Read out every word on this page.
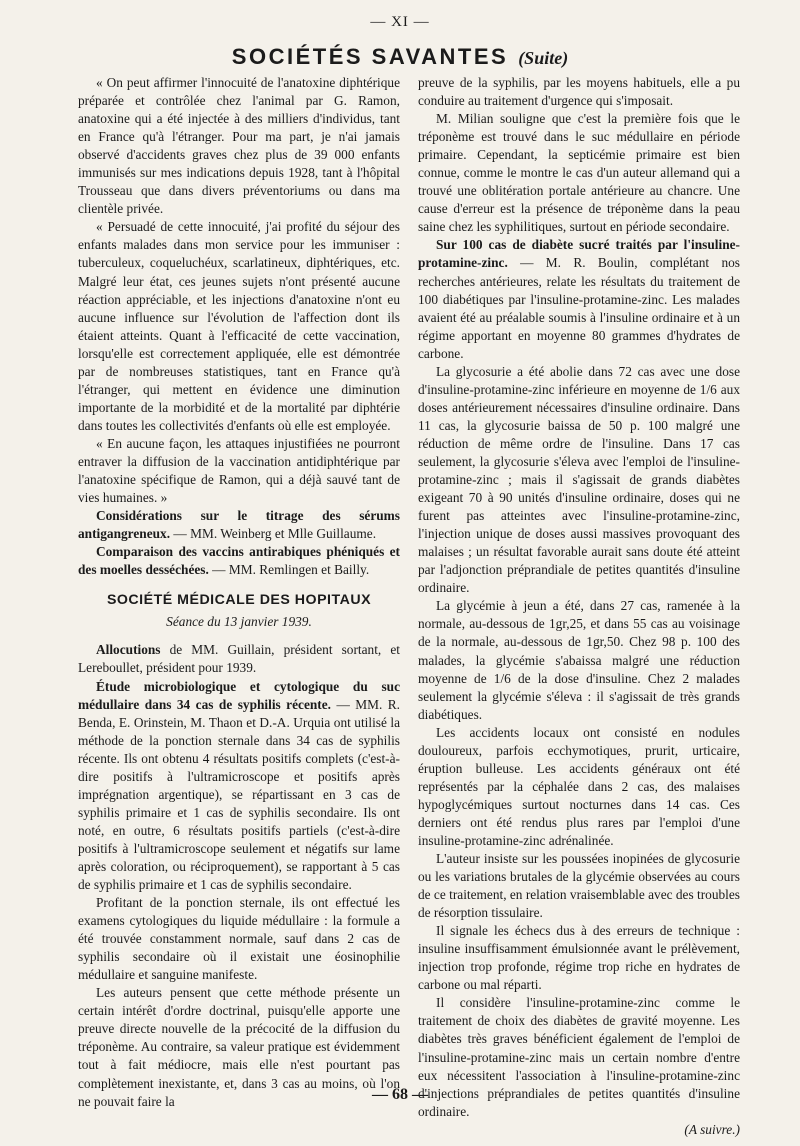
— XI —
SOCIÉTÉS SAVANTES (Suite)

« On peut affirmer l'innocuité de l'anatoxine diphtérique préparée et contrôlée chez l'animal par G. Ramon, anatoxine qui a été injectée à des milliers d'individus, tant en France qu'à l'étranger. Pour ma part, je n'ai jamais observé d'accidents graves chez plus de 39 000 enfants immunisés sur mes indications depuis 1928, tant à l'hôpital Trousseau que dans divers préventoriums ou dans ma clientèle privée.

« Persuadé de cette innocuité, j'ai profité du séjour des enfants malades dans mon service pour les immuniser : tuberculeux, coqueluchéux, scarlatineux, diphtériques, etc. Malgré leur état, ces jeunes sujets n'ont présenté aucune réaction appréciable, et les injections d'anatoxine n'ont eu aucune influence sur l'évolution de l'affection dont ils étaient atteints. Quant à l'efficacité de cette vaccination, lorsqu'elle est correctement appliquée, elle est démontrée par de nombreuses statistiques, tant en France qu'à l'étranger, qui mettent en évidence une diminution importante de la morbidité et de la mortalité par diphtérie dans toutes les collectivités d'enfants où elle est employée.

« En aucune façon, les attaques injustifiées ne pourront entraver la diffusion de la vaccination antidiphtérique par l'anatoxine spécifique de Ramon, qui a déjà sauvé tant de vies humaines. »

Considérations sur le titrage des sérums antigangreneux. — MM. Weinberg et Mlle Guillaume.

Comparaison des vaccins antirabiques phéniqués et des moelles desséchées. — MM. Remlingen et Bailly.

SOCIÉTÉ MÉDICALE DES HOPITAUX
Séance du 13 janvier 1939.

Allocutions de MM. Guillain, président sortant, et Lereboullet, président pour 1939.

Étude microbiologique et cytologique du suc médullaire dans 34 cas de syphilis récente. — MM. R. Benda, E. Orinstein, M. Thaon et D.-A. Urquia ont utilisé la méthode de la ponction sternale dans 34 cas de syphilis récente. Ils ont obtenu 4 résultats positifs complets (c'est-à-dire positifs à l'ultramicroscope et positifs après imprégnation argentique), se répartissant en 3 cas de syphilis primaire et 1 cas de syphilis secondaire. Ils ont noté, en outre, 6 résultats positifs partiels (c'est-à-dire positifs à l'ultramicroscope seulement et négatifs sur lame après coloration, ou réciproquement), se rapportant à 5 cas de syphilis primaire et 1 cas de syphilis secondaire.

Profitant de la ponction sternale, ils ont effectué les examens cytologiques du liquide médullaire : la formule a été trouvée constamment normale, sauf dans 2 cas de syphilis secondaire où il existait une éosinophilie médullaire et sanguine manifeste.

Les auteurs pensent que cette méthode présente un certain intérêt d'ordre doctrinal, puisqu'elle apporte une preuve directe nouvelle de la précocité de la diffusion du tréponème. Au contraire, sa valeur pratique est évidemment tout à fait médiocre, mais elle n'est pourtant pas complètement inexistante, et, dans 3 cas au moins, où l'on ne pouvait faire la

preuve de la syphilis, par les moyens habituels, elle a pu conduire au traitement d'urgence qui s'imposait.

M. Milian souligne que c'est la première fois que le tréponème est trouvé dans le suc médullaire en période primaire. Cependant, la septicémie primaire est bien connue, comme le montre le cas d'un auteur allemand qui a trouvé une oblitération portale antérieure au chancre. Une cause d'erreur est la présence de tréponème dans la peau saine chez les syphilitiques, surtout en période secondaire.

Sur 100 cas de diabète sucré traités par l'insuline-protamine-zinc. — M. R. Boulin, complétant nos recherches antérieures, relate les résultats du traitement de 100 diabétiques par l'insuline-protamine-zinc. Les malades avaient été au préalable soumis à l'insuline ordinaire et à un régime apportant en moyenne 80 grammes d'hydrates de carbone.

La glycosurie a été abolie dans 72 cas avec une dose d'insuline-protamine-zinc inférieure en moyenne de 1/6 aux doses antérieurement nécessaires d'insuline ordinaire. Dans 11 cas, la glycosurie baissa de 50 p. 100 malgré une réduction de même ordre de l'insuline. Dans 17 cas seulement, la glycosurie s'éleva avec l'emploi de l'insuline-protamine-zinc ; mais il s'agissait de grands diabètes exigeant 70 à 90 unités d'insuline ordinaire, doses qui ne furent pas atteintes avec l'insuline-protamine-zinc, l'injection unique de doses aussi massives provoquant des malaises ; un résultat favorable aurait sans doute été atteint par l'adjonction préprandiale de petites quantités d'insuline ordinaire.

La glycémie à jeun a été, dans 27 cas, ramenée à la normale, au-dessous de 1gr,25, et dans 55 cas au voisinage de la normale, au-dessous de 1gr,50. Chez 98 p. 100 des malades, la glycémie s'abaissa malgré une réduction moyenne de 1/6 de la dose d'insuline. Chez 2 malades seulement la glycémie s'éleva : il s'agissait de très grands diabétiques.

Les accidents locaux ont consisté en nodules douloureux, parfois ecchymotiques, prurit, urticaire, éruption bulleuse. Les accidents généraux ont été représentés par la céphalée dans 2 cas, des malaises hypoglycémiques surtout nocturnes dans 14 cas. Ces derniers ont été rendus plus rares par l'emploi d'une insuline-protamine-zinc adrénalinée.

L'auteur insiste sur les poussées inopinées de glycosurie ou les variations brutales de la glycémie observées au cours de ce traitement, en relation vraisemblable avec des troubles de résorption tissulaire.

Il signale les échecs dus à des erreurs de technique : insuline insuffisamment émulsionnée avant le prélèvement, injection trop profonde, régime trop riche en hydrates de carbone ou mal réparti.

Il considère l'insuline-protamine-zinc comme le traitement de choix des diabètes de gravité moyenne. Les diabètes très graves bénéficient également de l'emploi de l'insuline-protamine-zinc mais un certain nombre d'entre eux nécessitent l'association à l'insuline-protamine-zinc d'injections préprandiales de petites quantités d'insuline ordinaire.

(A suivre.)
— 68 —
